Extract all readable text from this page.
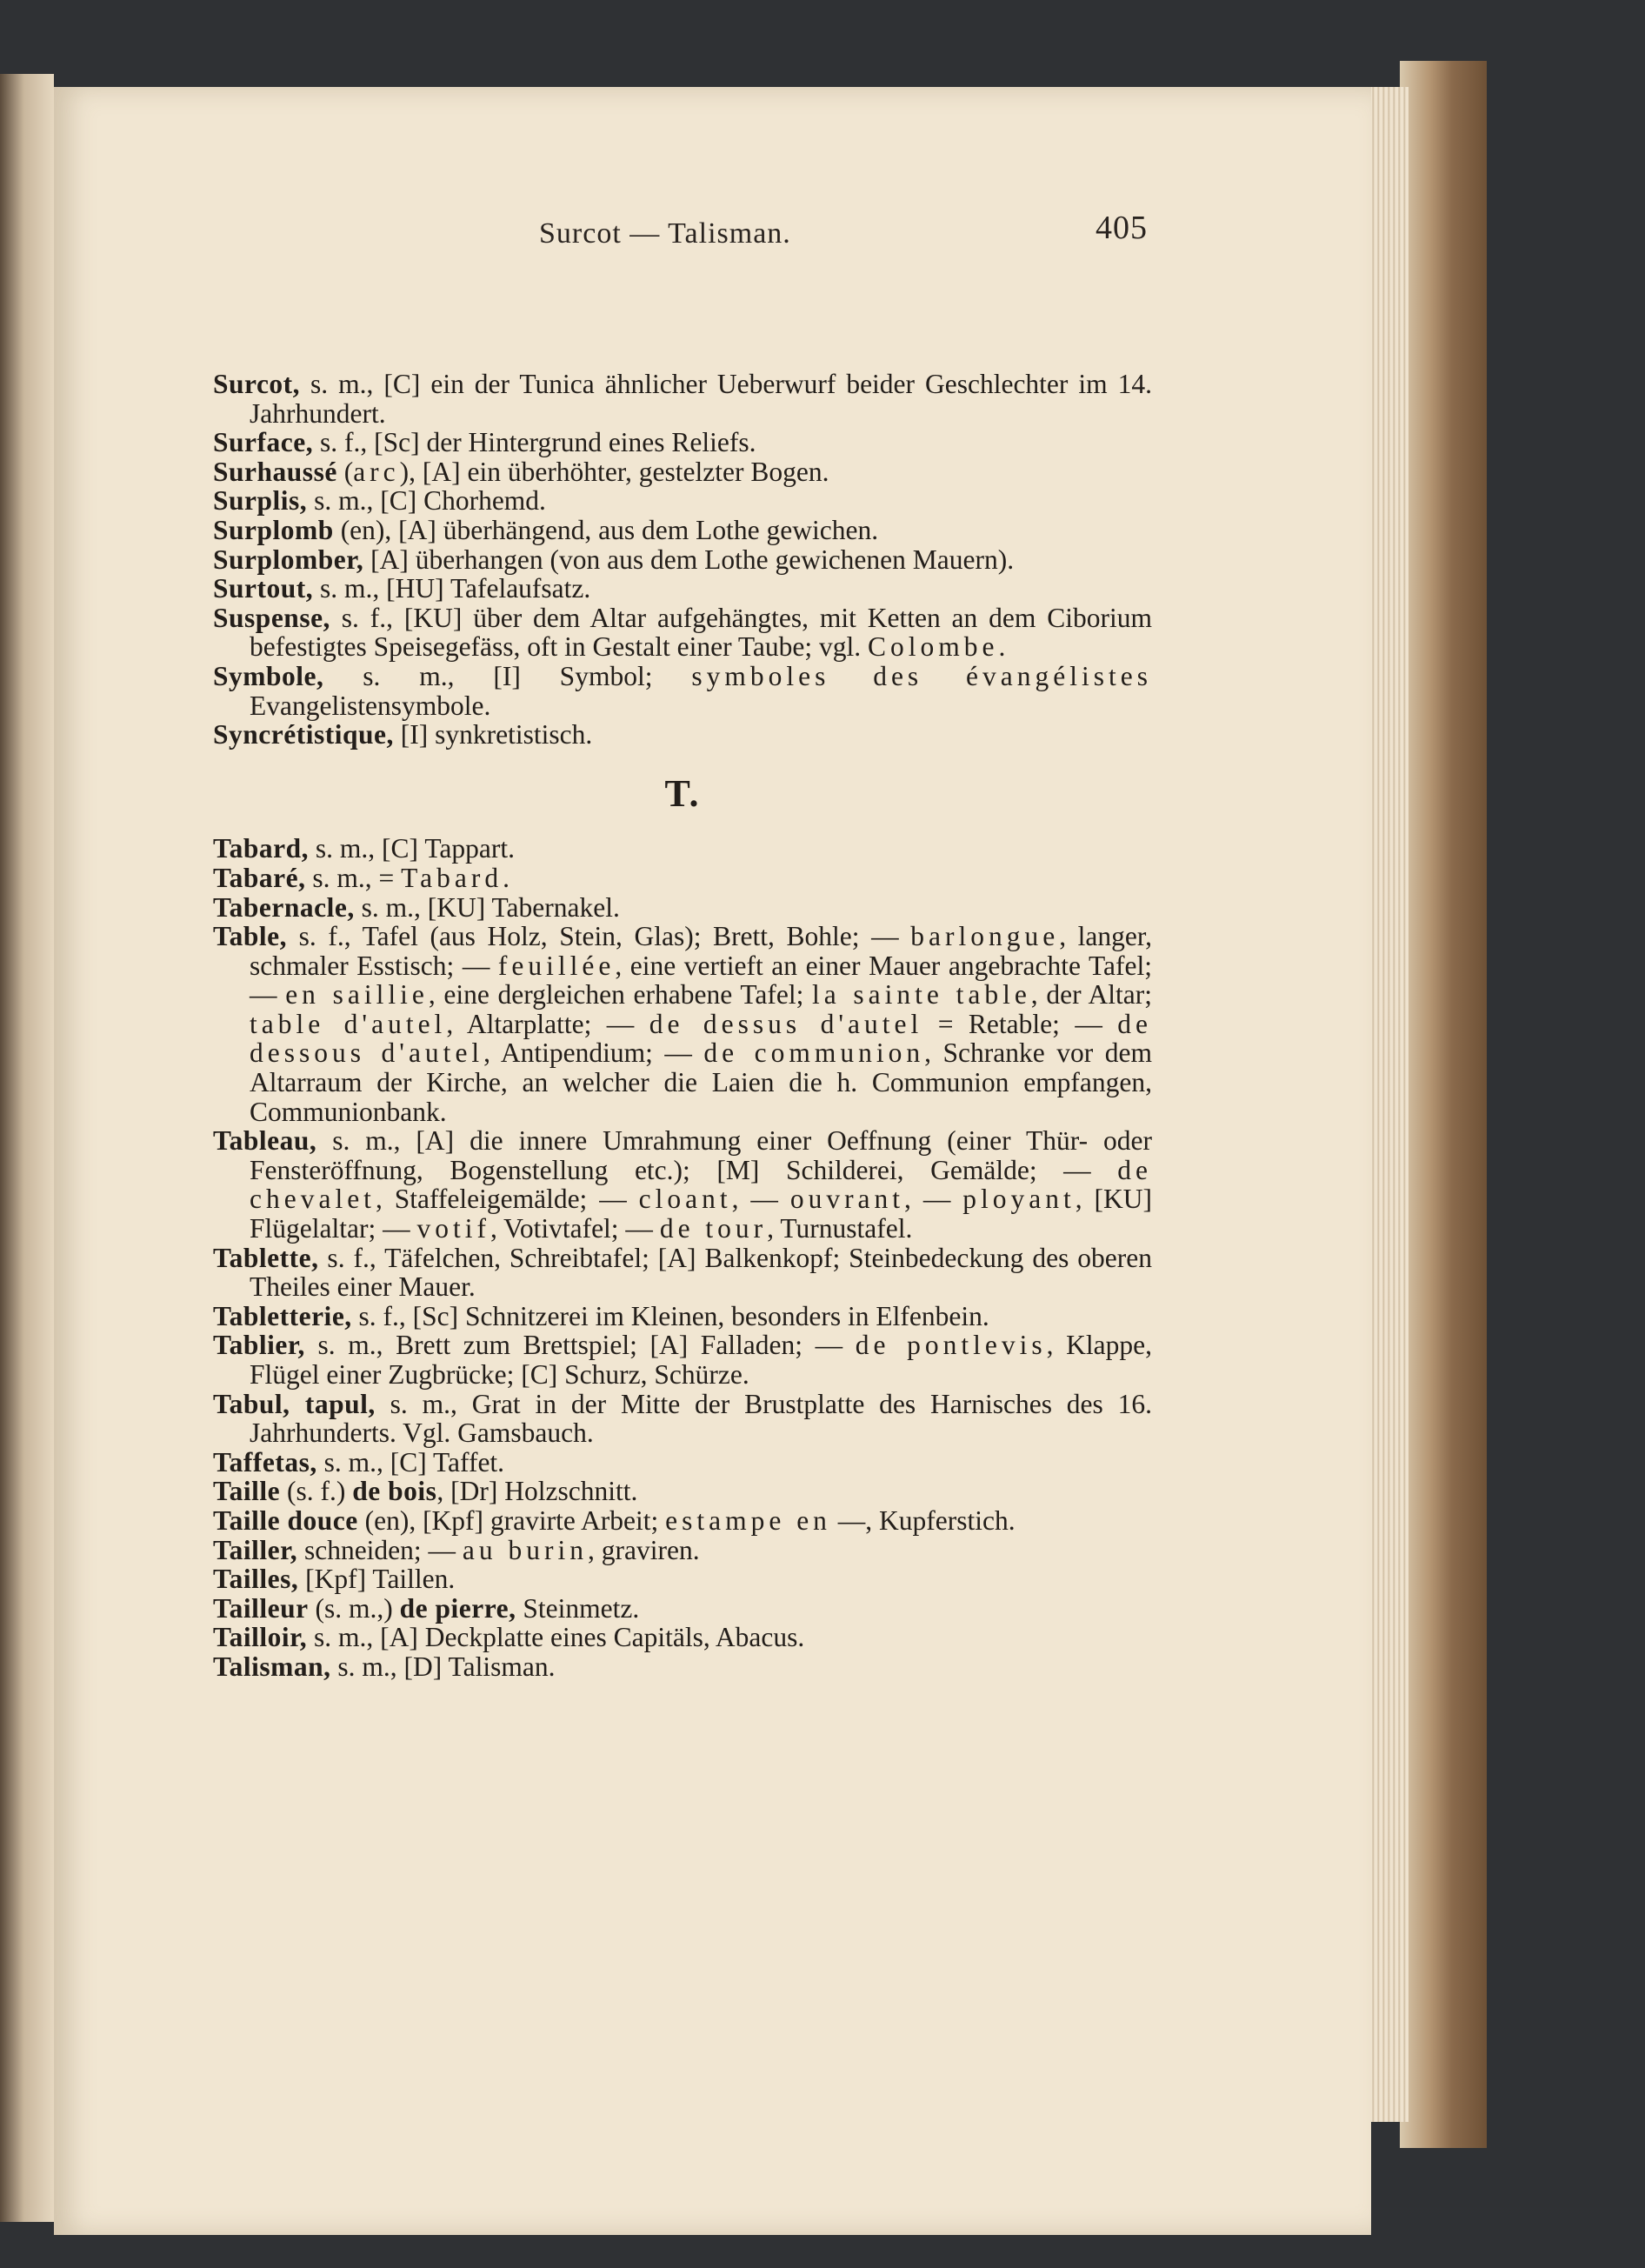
Surcot — Talisman.	405

Surcot, s. m., [C] ein der Tunica ähnlicher Ueberwurf beider Geschlechter im 14. Jahrhundert.

Surface, s. f., [Sc] der Hintergrund eines Reliefs.

Surhaussé (arc), [A] ein überhöhter, gestelzter Bogen.

Surplis, s. m., [C] Chorhemd.

Surplomb (en), [A] überhängend, aus dem Lothe gewichen.

Surplomber, [A] überhangen (von aus dem Lothe gewichenen Mauern).

Surtout, s. m., [HU] Tafelaufsatz.

Suspense, s. f., [KU] über dem Altar aufgehängtes, mit Ketten an dem Ciborium befestigtes Speisegefäss, oft in Gestalt einer Taube; vgl. Colombe.

Symbole, s. m., [I] Symbol; symboles des évangélistes Evangelistensymbole.

Syncrétistique, [I] synkretistisch.

T.

Tabard, s. m., [C] Tappart.

Tabaré, s. m., = Tabard.

Tabernacle, s. m., [KU] Tabernakel.

Table, s. f., Tafel (aus Holz, Stein, Glas); Brett, Bohle; — barlongue, langer, schmaler Esstisch; — feuillée, eine vertieft an einer Mauer angebrachte Tafel; — en saillie, eine dergleichen erhabene Tafel; la sainte table, der Altar; table d'autel, Altarplatte; — de dessus d'autel = Retable; — de dessous d'autel, Antipendium; — de communion, Schranke vor dem Altarraum der Kirche, an welcher die Laien die h. Communion empfangen, Communionbank.

Tableau, s. m., [A] die innere Umrahmung einer Oeffnung (einer Thür- oder Fensteröffnung, Bogenstellung etc.); [M] Schilderei, Gemälde; — de chevalet, Staffeleigemälde; — cloant, — ouvrant, — ployant, [KU] Flügelaltar; — votif, Votivtafel; — de tour, Turnustafel.

Tablette, s. f., Täfelchen, Schreibtafel; [A] Balkenkopf; Steinbedeckung des oberen Theiles einer Mauer.

Tabletterie, s. f., [Sc] Schnitzerei im Kleinen, besonders in Elfenbein.

Tablier, s. m., Brett zum Brettspiel; [A] Falladen; — de pontlevis, Klappe, Flügel einer Zugbrücke; [C] Schurz, Schürze.

Tabul, tapul, s. m., Grat in der Mitte der Brustplatte des Harnisches des 16. Jahrhunderts. Vgl. Gamsbauch.

Taffetas, s. m., [C] Taffet.

Taille (s. f.) de bois, [Dr] Holzschnitt.

Taille douce (en), [Kpf] gravirte Arbeit; estampe en —, Kupferstich.

Tailler, schneiden; — au burin, graviren.

Tailles, [Kpf] Taillen.

Tailleur (s. m.,) de pierre, Steinmetz.

Tailloir, s. m., [A] Deckplatte eines Capitäls, Abacus.

Talisman, s. m., [D] Talisman.
